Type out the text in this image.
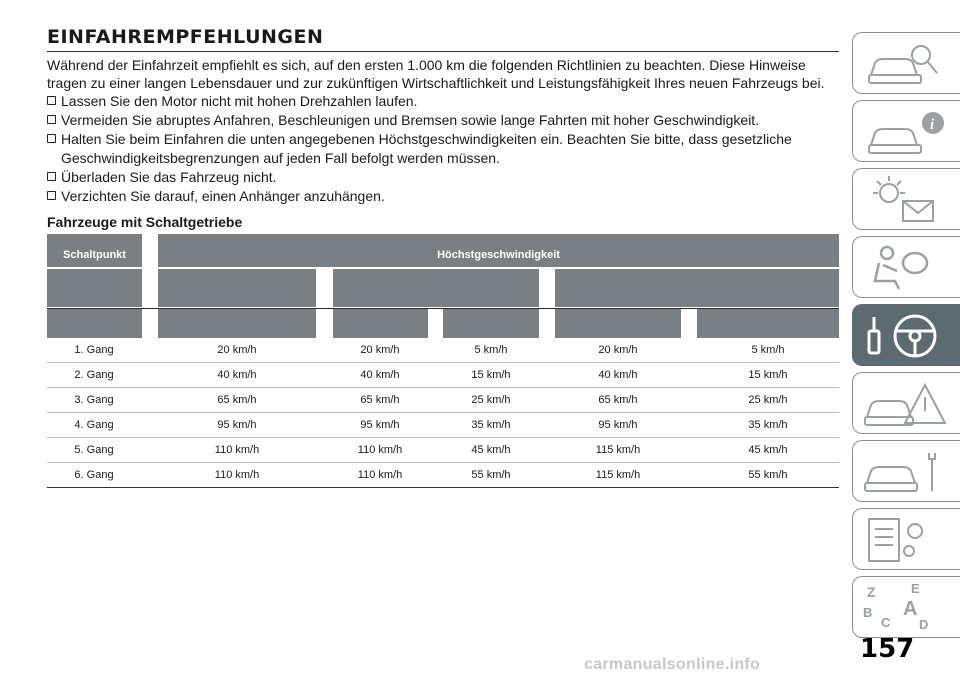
EINFAHREMPFEHLUNGEN

Während der Einfahrzeit empfiehlt es sich, auf den ersten 1.000 km die folgenden Richtlinien zu beachten. Diese Hinweise tragen zu einer langen Lebensdauer und zur zukünftigen Wirtschaftlichkeit und Leistungsfähigkeit Ihres neuen Fahrzeugs bei.

Lassen Sie den Motor nicht mit hohen Drehzahlen laufen.
Vermeiden Sie abruptes Anfahren, Beschleunigen und Bremsen sowie lange Fahrten mit hoher Geschwindigkeit.
Halten Sie beim Einfahren die unten angegebenen Höchstgeschwindigkeiten ein. Beachten Sie bitte, dass gesetzliche Geschwindigkeitsbegrenzungen auf jeden Fall befolgt werden müssen.
Überladen Sie das Fahrzeug nicht.
Verzichten Sie darauf, einen Anhänger anzuhängen.

Fahrzeuge mit Schaltgetriebe

Schaltpunkt	Höchstgeschwindigkeit
1. Gang	20 km/h	20 km/h	5 km/h	20 km/h	5 km/h
2. Gang	40 km/h	40 km/h	15 km/h	40 km/h	15 km/h
3. Gang	65 km/h	65 km/h	25 km/h	65 km/h	25 km/h
4. Gang	95 km/h	95 km/h	35 km/h	95 km/h	35 km/h
5. Gang	110 km/h	110 km/h	45 km/h	115 km/h	45 km/h
6. Gang	110 km/h	110 km/h	55 km/h	115 km/h	55 km/h
i
Z	E
B A
C D
157
carmanualsonline.info
